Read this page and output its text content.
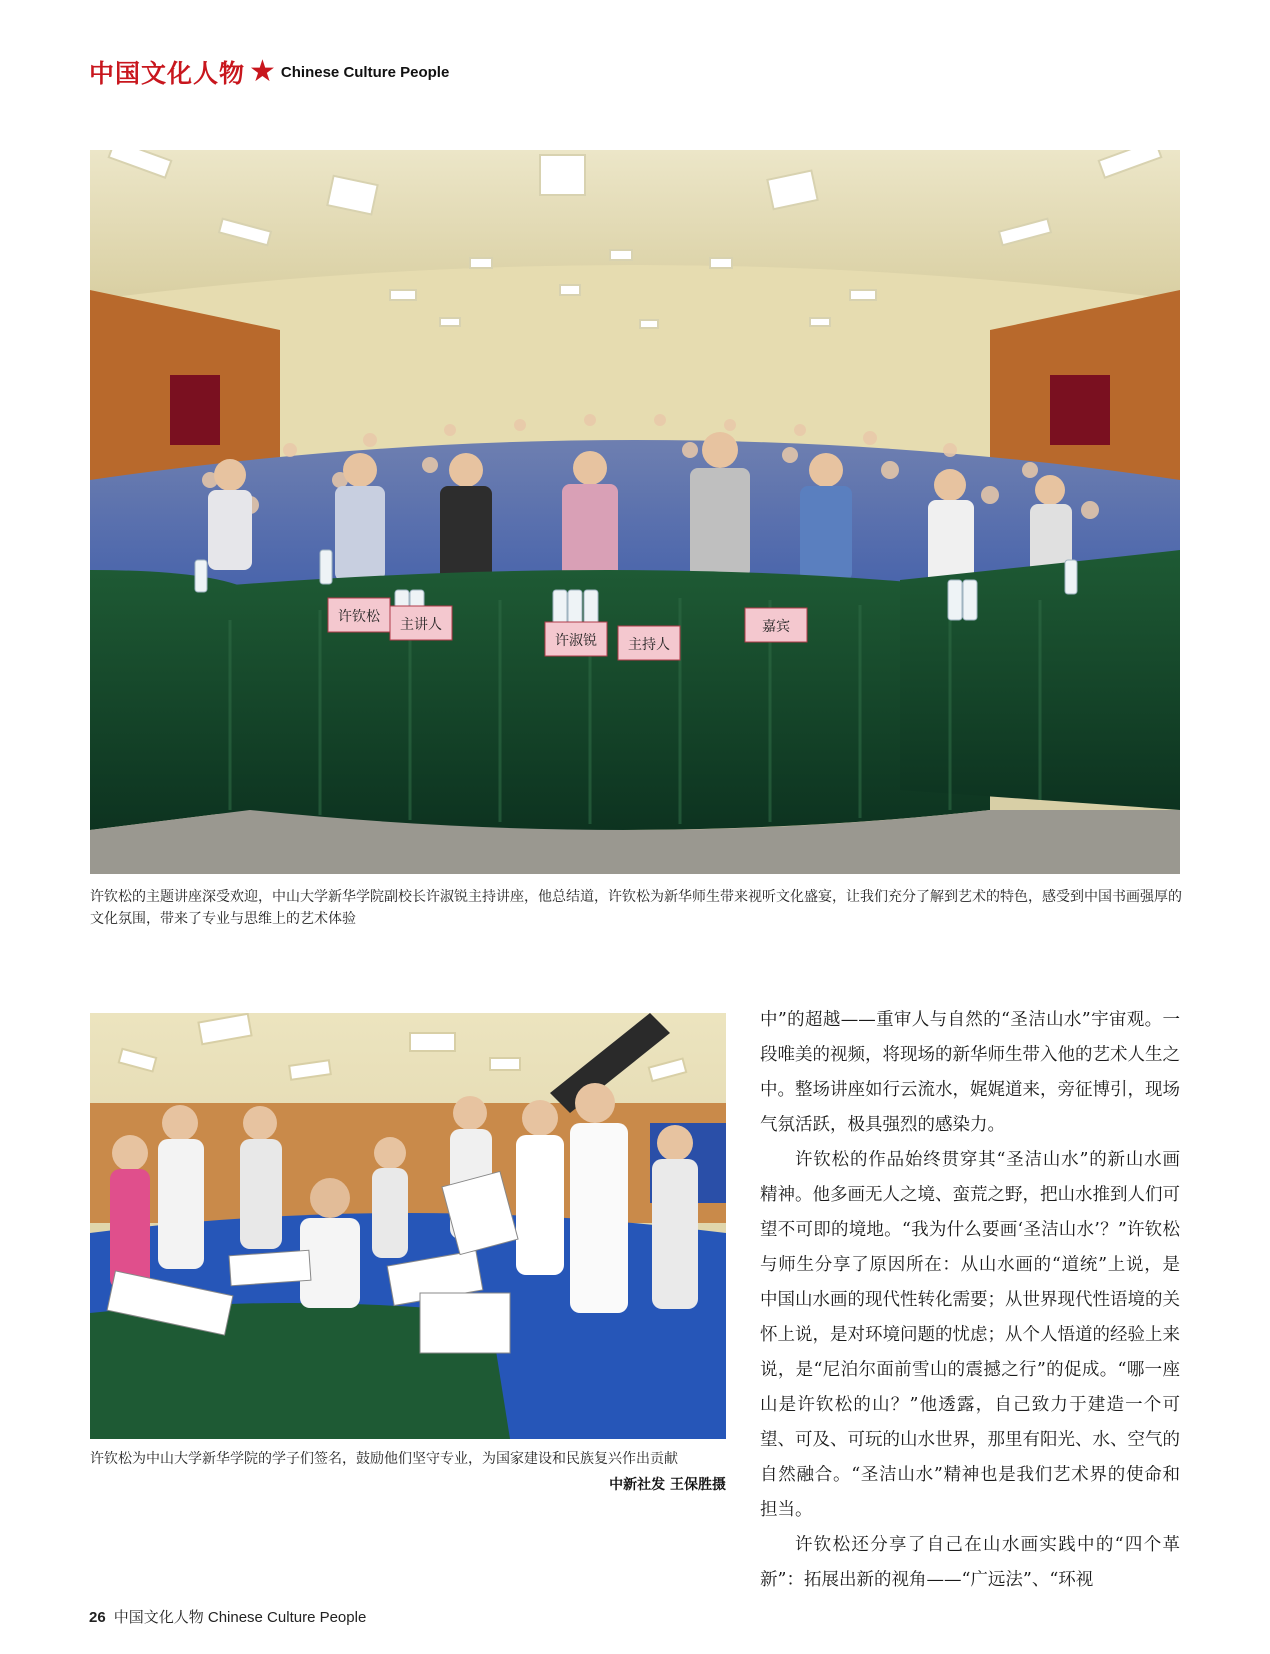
中国文化人物 ★ Chinese Culture People
许钦松 主讲人
许淑锐 主持人
嘉宾
许钦松的主题讲座深受欢迎，中山大学新华学院副校长许淑锐主持讲座，他总结道，许钦松为新华师生带来视听文化盛宴，让我们充分了解到艺术的特色，感受到中国书画强厚的文化氛围，带来了专业与思维上的艺术体验
许钦松为中山大学新华学院的学子们签名，鼓励他们坚守专业，为国家建设和民族复兴作出贡献
中新社发 王保胜摄

中”的超越——重审人与自然的“圣洁山水”宇宙观。一段唯美的视频，将现场的新华师生带入他的艺术人生之中。整场讲座如行云流水，娓娓道来，旁征博引，现场气氛活跃，极具强烈的感染力。

许钦松的作品始终贯穿其“圣洁山水”的新山水画精神。他多画无人之境、蛮荒之野，把山水推到人们可望不可即的境地。“我为什么要画‘圣洁山水’？”许钦松与师生分享了原因所在：从山水画的“道统”上说，是中国山水画的现代性转化需要；从世界现代性语境的关怀上说，是对环境问题的忧虑；从个人悟道的经验上来说，是“尼泊尔面前雪山的震撼之行”的促成。“哪一座山是许钦松的山？”他透露，自己致力于建造一个可望、可及、可玩的山水世界，那里有阳光、水、空气的自然融合。“圣洁山水”精神也是我们艺术界的使命和担当。

许钦松还分享了自己在山水画实践中的“四个革新”：拓展出新的视角——“广远法”、“环视

26 中国文化人物 Chinese Culture People
